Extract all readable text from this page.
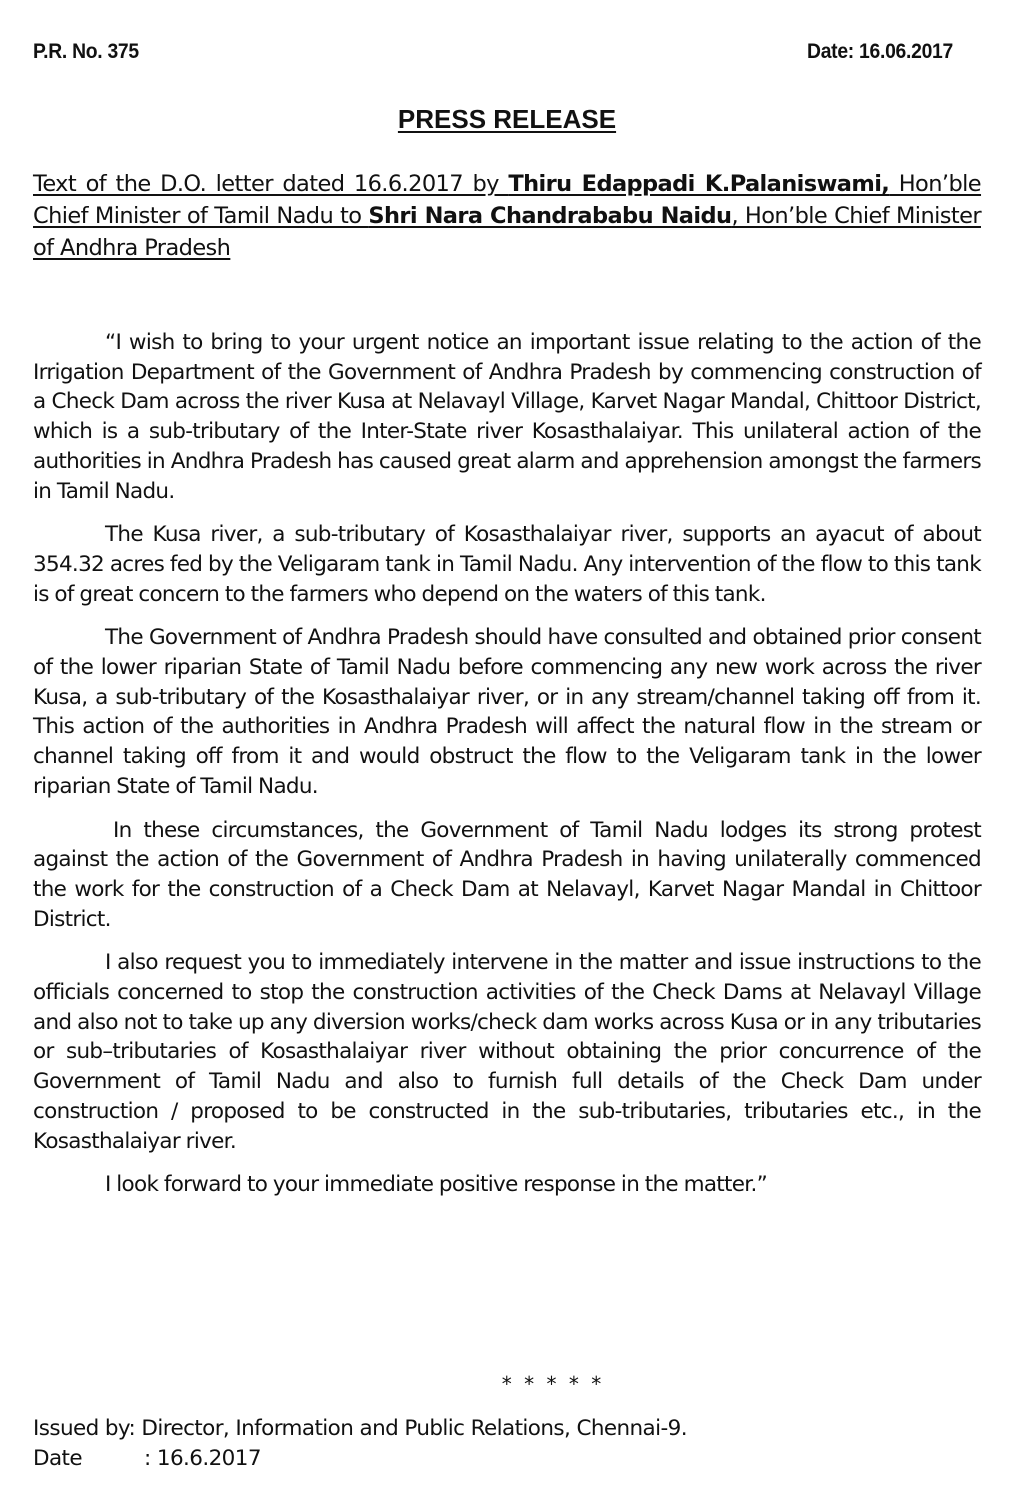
P.R. No. 375	Date: 16.06.2017
PRESS RELEASE
Text of the D.O. letter dated 16.6.2017 by Thiru Edappadi K.Palaniswami, Hon’ble Chief Minister of Tamil Nadu to Shri Nara Chandrababu Naidu, Hon’ble Chief Minister of Andhra Pradesh

“I wish to bring to your urgent notice an important issue relating to the action of the Irrigation Department of the Government of Andhra Pradesh by commencing construction of a Check Dam across the river Kusa at Nelavayl Village, Karvet Nagar Mandal, Chittoor District, which is a sub-tributary of the Inter-State river Kosasthalaiyar. This unilateral action of the authorities in Andhra Pradesh has caused great alarm and apprehension amongst the farmers in Tamil Nadu.

The Kusa river, a sub-tributary of Kosasthalaiyar river, supports an ayacut of about 354.32 acres fed by the Veligaram tank in Tamil Nadu. Any intervention of the flow to this tank is of great concern to the farmers who depend on the waters of this tank.

The Government of Andhra Pradesh should have consulted and obtained prior consent of the lower riparian State of Tamil Nadu before commencing any new work across the river Kusa, a sub-tributary of the Kosasthalaiyar river, or in any stream/channel taking off from it. This action of the authorities in Andhra Pradesh will affect the natural flow in the stream or channel taking off from it and would obstruct the flow to the Veligaram tank in the lower riparian State of Tamil Nadu.

In these circumstances, the Government of Tamil Nadu lodges its strong protest against the action of the Government of Andhra Pradesh in having unilaterally commenced the work for the construction of a Check Dam at Nelavayl, Karvet Nagar Mandal in Chittoor District.

I also request you to immediately intervene in the matter and issue instructions to the officials concerned to stop the construction activities of the Check Dams at Nelavayl Village and also not to take up any diversion works/check dam works across Kusa or in any tributaries or sub–tributaries of Kosasthalaiyar river without obtaining the prior concurrence of the Government of Tamil Nadu and also to furnish full details of the Check Dam under construction / proposed to be constructed in the sub-tributaries, tributaries etc., in the Kosasthalaiyar river.

I look forward to your immediate positive response in the matter.”

* * * * *
Issued by: Director, Information and Public Relations, Chennai-9.
Date	: 16.6.2017
